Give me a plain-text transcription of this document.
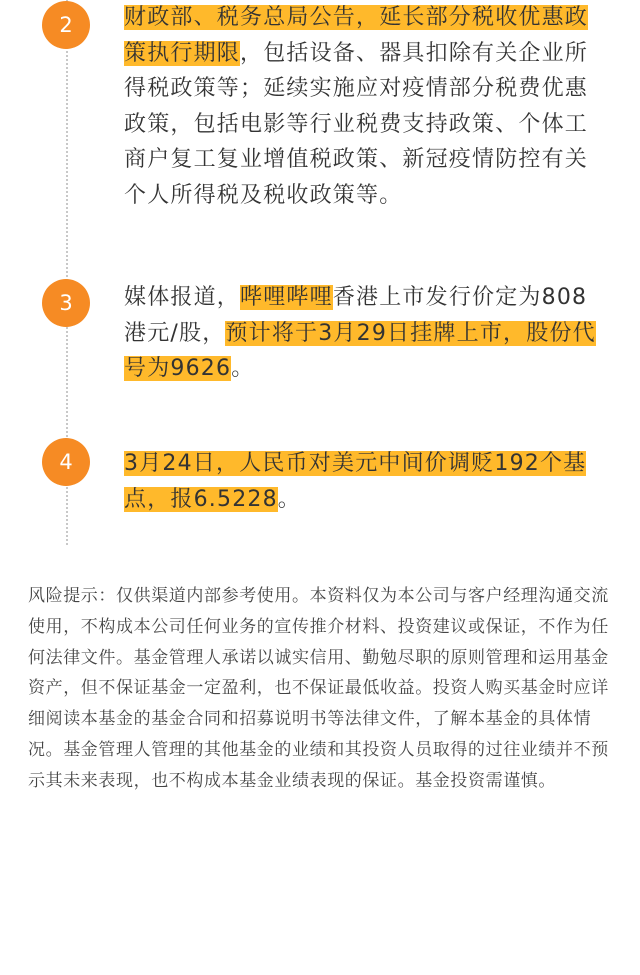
2	财政部、税务总局公告，延长部分税收优惠政策执行期限，包括设备、器具扣除有关企业所得税政策等；延续实施应对疫情部分税费优惠政策，包括电影等行业税费支持政策、个体工商户复工复业增值税政策、新冠疫情防控有关个人所得税及税收政策等。
3	媒体报道，哔哩哔哩香港上市发行价定为808港元/股，预计将于3月29日挂牌上市，股份代号为9626。
4	3月24日，人民币对美元中间价调贬192个基点，报6.5228。
风险提示：仅供渠道内部参考使用。本资料仅为本公司与客户经理沟通交流使用，不构成本公司任何业务的宣传推介材料、投资建议或保证，不作为任何法律文件。基金管理人承诺以诚实信用、勤勉尽职的原则管理和运用基金资产，但不保证基金一定盈利，也不保证最低收益。投资人购买基金时应详细阅读本基金的基金合同和招募说明书等法律文件，了解本基金的具体情况。基金管理人管理的其他基金的业绩和其投资人员取得的过往业绩并不预示其未来表现，也不构成本基金业绩表现的保证。基金投资需谨慎。
